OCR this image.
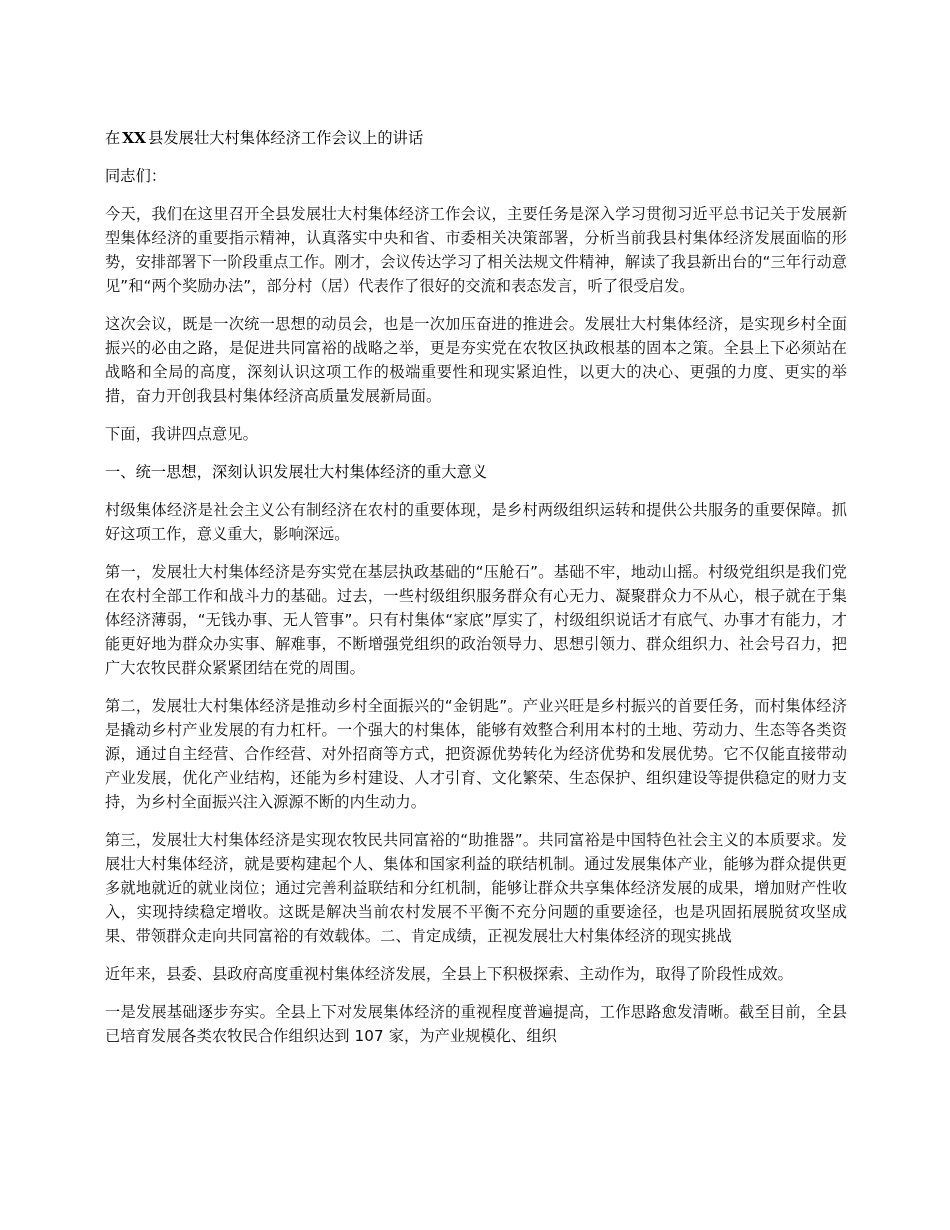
在 XX 县发展壮大村集体经济工作会议上的讲话
同志们：

今天，我们在这里召开全县发展壮大村集体经济工作会议，主要任务是深入学习贯彻习近平总书记关于发展新型集体经济的重要指示精神，认真落实中央和省、市委相关决策部署，分析当前我县村集体经济发展面临的形势，安排部署下一阶段重点工作。刚才，会议传达学习了相关法规文件精神，解读了我县新出台的“三年行动意见”和“两个奖励办法”，部分村（居）代表作了很好的交流和表态发言，听了很受启发。

这次会议，既是一次统一思想的动员会，也是一次加压奋进的推进会。发展壮大村集体经济，是实现乡村全面振兴的必由之路，是促进共同富裕的战略之举，更是夯实党在农牧区执政根基的固本之策。全县上下必须站在战略和全局的高度，深刻认识这项工作的极端重要性和现实紧迫性，以更大的决心、更强的力度、更实的举措，奋力开创我县村集体经济高质量发展新局面。

下面，我讲四点意见。

一、统一思想，深刻认识发展壮大村集体经济的重大意义

村级集体经济是社会主义公有制经济在农村的重要体现，是乡村两级组织运转和提供公共服务的重要保障。抓好这项工作，意义重大，影响深远。

第一，发展壮大村集体经济是夯实党在基层执政基础的“压舱石”。基础不牢，地动山摇。村级党组织是我们党在农村全部工作和战斗力的基础。过去，一些村级组织服务群众有心无力、凝聚群众力不从心，根子就在于集体经济薄弱，“无钱办事、无人管事”。只有村集体“家底”厚实了，村级组织说话才有底气、办事才有能力，才能更好地为群众办实事、解难事，不断增强党组织的政治领导力、思想引领力、群众组织力、社会号召力，把广大农牧民群众紧紧团结在党的周围。

第二，发展壮大村集体经济是推动乡村全面振兴的“金钥匙”。产业兴旺是乡村振兴的首要任务，而村集体经济是撬动乡村产业发展的有力杠杆。一个强大的村集体，能够有效整合利用本村的土地、劳动力、生态等各类资源，通过自主经营、合作经营、对外招商等方式，把资源优势转化为经济优势和发展优势。它不仅能直接带动产业发展，优化产业结构，还能为乡村建设、人才引育、文化繁荣、生态保护、组织建设等提供稳定的财力支持，为乡村全面振兴注入源源不断的内生动力。

第三，发展壮大村集体经济是实现农牧民共同富裕的“助推器”。共同富裕是中国特色社会主义的本质要求。发展壮大村集体经济，就是要构建起个人、集体和国家利益的联结机制。通过发展集体产业，能够为群众提供更多就地就近的就业岗位；通过完善利益联结和分红机制，能够让群众共享集体经济发展的成果，增加财产性收入，实现持续稳定增收。这既是解决当前农村发展不平衡不充分问题的重要途径，也是巩固拓展脱贫攻坚成果、带领群众走向共同富裕的有效载体。二、肯定成绩，正视发展壮大村集体经济的现实挑战

近年来，县委、县政府高度重视村集体经济发展，全县上下积极探索、主动作为，取得了阶段性成效。

一是发展基础逐步夯实。全县上下对发展集体经济的重视程度普遍提高，工作思路愈发清晰。截至目前，全县已培育发展各类农牧民合作组织达到 107 家，为产业规模化、组织
